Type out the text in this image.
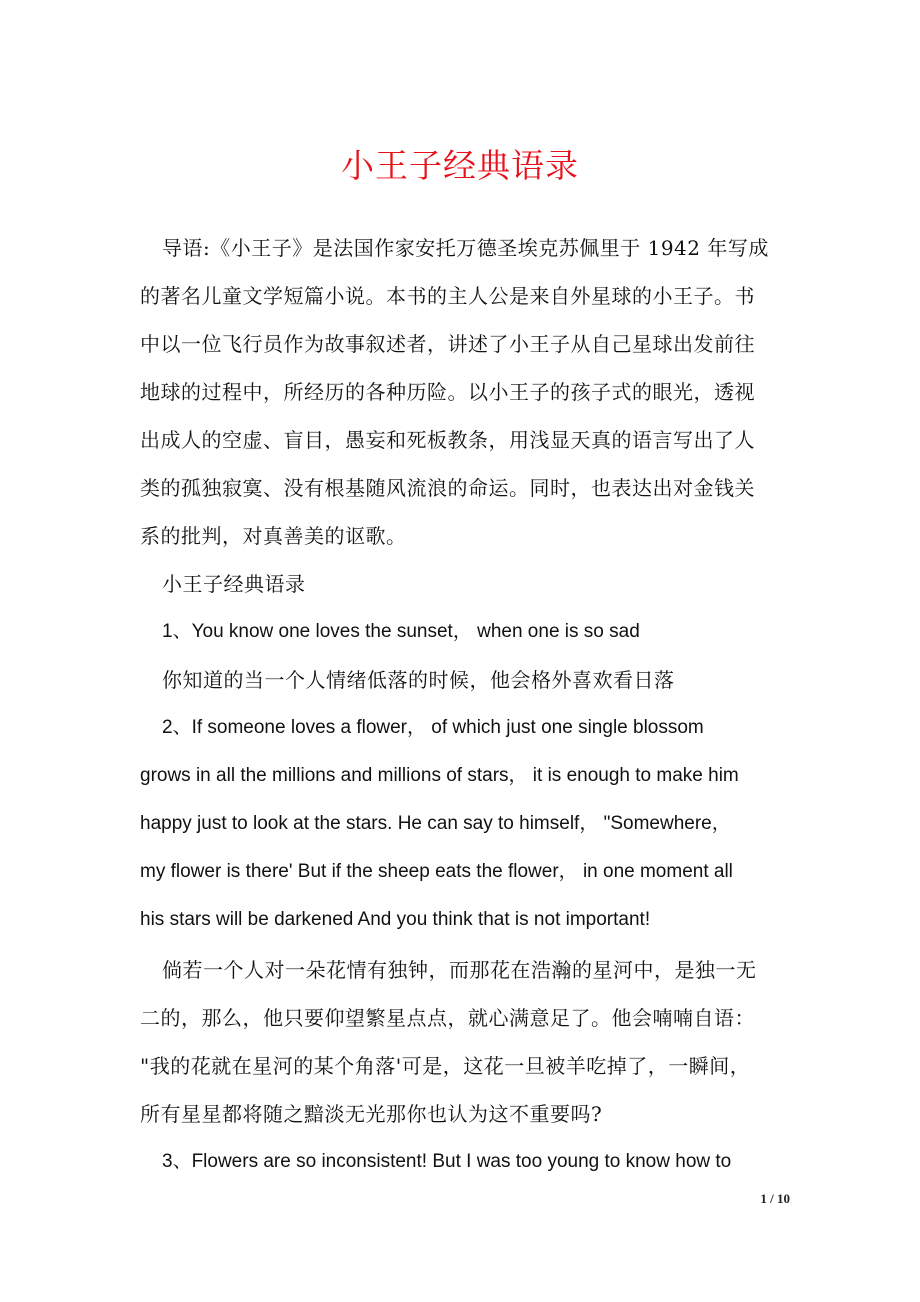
小王子经典语录
导语:《小王子》是法国作家安托万德圣埃克苏佩里于 1942 年写成
的著名儿童文学短篇小说。本书的主人公是来自外星球的小王子。书
中以一位飞行员作为故事叙述者，讲述了小王子从自己星球出发前往
地球的过程中，所经历的各种历险。以小王子的孩子式的眼光，透视
出成人的空虚、盲目，愚妄和死板教条，用浅显天真的语言写出了人
类的孤独寂寞、没有根基随风流浪的命运。同时，也表达出对金钱关
系的批判，对真善美的讴歌。
小王子经典语录
1、You know one loves the sunset， when one is so sad
你知道的当一个人情绪低落的时候，他会格外喜欢看日落
2、If someone loves a flower， of which just one single blossom
grows in all the millions and millions of stars， it is enough to make him
happy just to look at the stars. He can say to himself， "Somewhere，
my flower is there' But if the sheep eats the flower， in one moment all
his stars will be darkened And you think that is not important!
倘若一个人对一朵花情有独钟，而那花在浩瀚的星河中，是独一无
二的，那么，他只要仰望繁星点点，就心满意足了。他会喃喃自语：
"我的花就在星河的某个角落'可是，这花一旦被羊吃掉了，一瞬间，
所有星星都将随之黯淡无光那你也认为这不重要吗?
3、Flowers are so inconsistent! But I was too young to know how to
1 / 10
